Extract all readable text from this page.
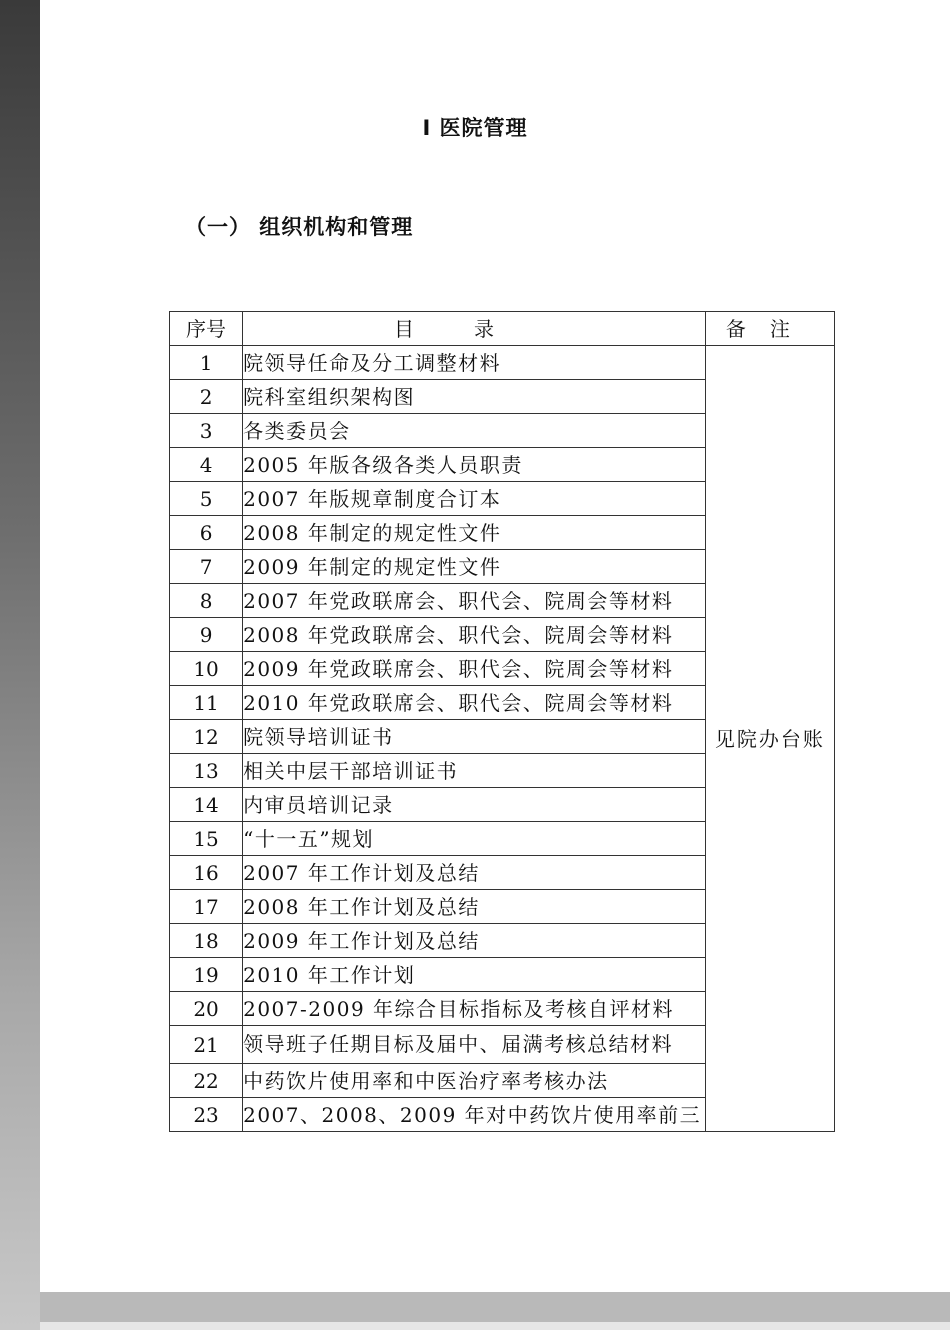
I 医院管理
（一） 组织机构和管理
序号	目录	备注
1	院领导任命及分工调整材料	见院办台账
2	院科室组织架构图	
3	各类委员会	
4	2005 年版各级各类人员职责	
5	2007 年版规章制度合订本	
6	2008 年制定的规定性文件	
7	2009 年制定的规定性文件	
8	2007 年党政联席会、职代会、院周会等材料	
9	2008 年党政联席会、职代会、院周会等材料	
10	2009 年党政联席会、职代会、院周会等材料	
11	2010 年党政联席会、职代会、院周会等材料	
12	院领导培训证书	
13	相关中层干部培训证书	
14	内审员培训记录	
15	“十一五”规划	
16	2007 年工作计划及总结	
17	2008 年工作计划及总结	
18	2009 年工作计划及总结	
19	2010 年工作计划	
20	2007-2009 年综合目标指标及考核自评材料	
21	领导班子任期目标及届中、届满考核总结材料	
22	中药饮片使用率和中医治疗率考核办法	
23	2007、2008、2009 年对中药饮片使用率前三	
